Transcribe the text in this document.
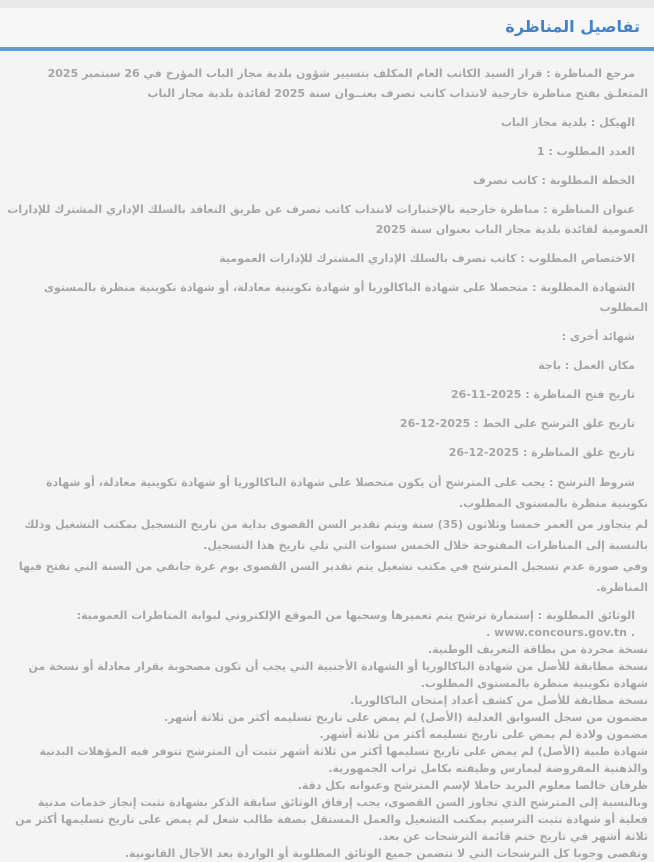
تفاصيل المناظرة
مرجع المناظرة : قرار السيد الكاتب العام المكلف بتسيير شؤون بلدية مجاز الباب المؤرخ في 26 سبتمبر 2025 المتعلـق بفتح مناظرة خارجية لانتداب كاتب تصرف بعنــوان سنة 2025 لفائدة بلدية مجاز الباب
الهيكل : بلدية مجاز الباب
العدد المطلوب : 1
الخطة المطلوبة : كاتب تصرف
عنوان المناظرة : مناظرة خارجية بالإختبارات لانتداب كاتب تصرف عن طريق التعاقد بالسلك الإداري المشترك للإدارات العمومية لفائدة بلدية مجاز الباب بعنوان سنة 2025
الاختصاص المطلوب : كاتب تصرف بالسلك الإداري المشترك للإدارات العمومية
الشهادة المطلوبة : متحصلا على شهادة الباكالوريا أو شهادة تكوينية معادلة، أو شهادة تكوينية منظرة بالمستوى المطلوب
شهائد أخرى :
مكان العمل : باجة
تاريخ فتح المناظرة : 2025-11-26
تاريخ غلق الترشح على الخط : 2025-12-26
تاريخ غلق المناظرة : 2025-12-26
شروط الترشح : يجب على المترشح أن يكون متحصلا على شهادة الباكالوريا أو شهادة تكوينية معادلة، أو شهادة تكوينية منظرة بالمستوى المطلوب.
لم يتجاوز من العمر خمسا وثلاثون (35) سنة ويتم تقدير السن القصوى بداية من تاريخ التسجيل بمكتب التشغيل وذلك بالنسبة إلى المناظرات المفتوحة خلال الخمس سنوات التي تلي تاريخ هذا التسجيل.
وفي صورة عدم تسجيل المترشح في مكتب تشغيل يتم تقدير السن القصوى يوم غرة جانفي من السنة التي تفتح فيها المناظرة.
الوثائق المطلوبة : إستمارة ترشح يتم تعميرها وسحبها من الموقع الإلكتروني لبوابة المناظرات العمومية:
. www.concours.gov.tn .
نسخة مجردة من بطاقة التعريف الوطنية.
نسخة مطابقة للأصل من شهادة الباكالوريا أو الشهادة الأجنبية التي يجب أن تكون مصحوبة بقرار معادلة أو نسخة من شهادة تكوينية منظرة بالمستوى المطلوب.
نسخة مطابقة للأصل من كشف أعداد إمتحان الباكالوريا.
مضمون من سجل السوابق العدلية (الأصل) لم يمض على تاريخ تسليمه أكثر من ثلاثة أشهر.
مضمون ولادة لم يمض على تاريخ تسليمه أكثر من ثلاثة أشهر.
شهادة طبية (الأصل) لم يمض على تاريخ تسليمها أكثر من ثلاثة أشهر تثبت أن المترشح تتوفر فيه المؤهلات البدنية والذهنية المفروضة ليمارس وظيفته بكامل تراب الجمهورية.
ظرفان خالصا معلوم البريد حاملا لإسم المترشح وعنوانه بكل دقة.
وبالنسبة إلى المترشح الذي تجاوز السن القصوى، يجب إرفاق الوثائق سابقة الذكر بشهادة تثبت إنجاز خدمات مدنية فعلية أو شهادة تثبت الترسيم بمكتب التشغيل والعمل المستقل بصفة طالب شغل لم يمض على تاريخ تسليمها أكثر من ثلاثة أشهر في تاريخ ختم قائمة الترشحات عن بعد.
وتقصى وجوبا كل الترشحات التي لا تتضمن جميع الوثائق المطلوبة أو الواردة بعد الآجال القانونية.
